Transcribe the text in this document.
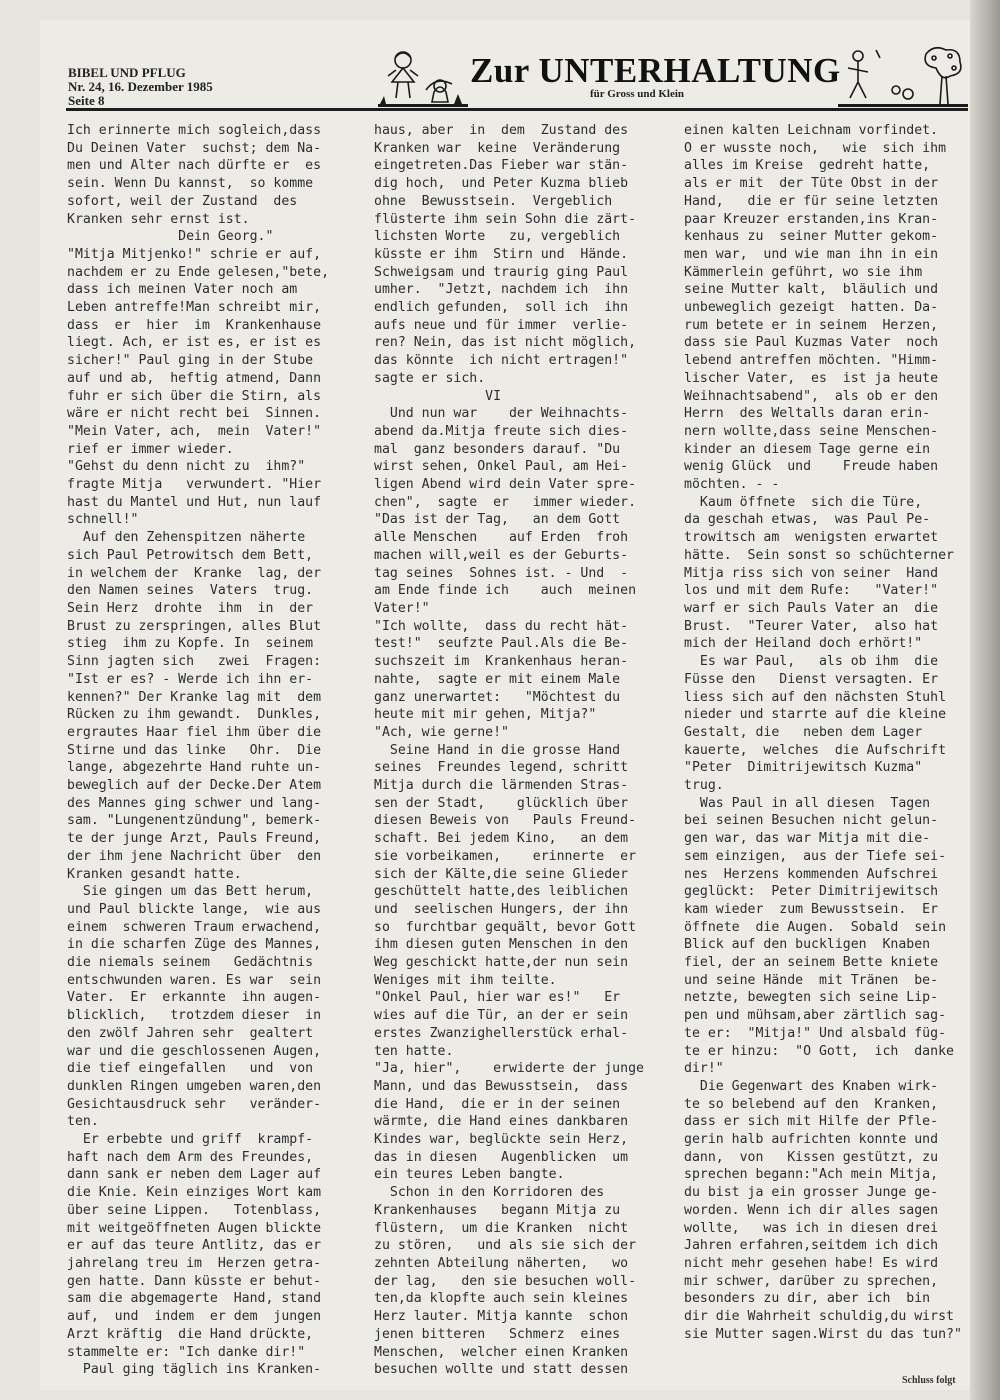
BIBEL UND PFLUG
Nr. 24, 16. Dezember 1985
Seite 8
Zur UNTERHALTUNG
für Gross und Klein

Ich erinnerte mich sogleich,dass

Du Deinen Vater  suchst; dem Na-

men und Alter nach dürfte er  es

sein. Wenn Du kannst,  so komme

sofort, weil der Zustand  des

Kranken sehr ernst ist.

Dein Georg."

"Mitja Mitjenko!" schrie er auf,

nachdem er zu Ende gelesen,"bete,

dass ich meinen Vater noch am

Leben antreffe!Man schreibt mir,

dass  er  hier  im  Krankenhause

liegt. Ach, er ist es, er ist es

sicher!" Paul ging in der Stube

auf und ab,  heftig atmend, Dann

fuhr er sich über die Stirn, als

wäre er nicht recht bei  Sinnen.

"Mein Vater, ach,  mein  Vater!"

rief er immer wieder.

"Gehst du denn nicht zu  ihm?"

fragte Mitja   verwundert. "Hier

hast du Mantel und Hut, nun lauf

schnell!"

Auf den Zehenspitzen näherte

sich Paul Petrowitsch dem Bett,

in welchem der  Kranke  lag, der

den Namen seines  Vaters  trug.

Sein Herz  drohte  ihm  in  der

Brust zu zerspringen, alles Blut

stieg  ihm zu Kopfe. In  seinem

Sinn jagten sich   zwei  Fragen:

"Ist er es? - Werde ich ihn er-

kennen?" Der Kranke lag mit  dem

Rücken zu ihm gewandt.  Dunkles,

ergrautes Haar fiel ihm über die

Stirne und das linke   Ohr.  Die

lange, abgezehrte Hand ruhte un-

beweglich auf der Decke.Der Atem

des Mannes ging schwer und lang-

sam. "Lungenentzündung", bemerk-

te der junge Arzt, Pauls Freund,

der ihm jene Nachricht über  den

Kranken gesandt hatte.

Sie gingen um das Bett herum,

und Paul blickte lange,  wie aus

einem  schweren Traum erwachend,

in die scharfen Züge des Mannes,

die niemals seinem   Gedächtnis

entschwunden waren. Es war  sein

Vater.  Er  erkannte  ihn augen-

blicklich,   trotzdem dieser  in

den zwölf Jahren sehr  gealtert

war und die geschlossenen Augen,

die tief eingefallen   und  von

dunklen Ringen umgeben waren,den

Gesichtausdruck sehr   veränder-

ten.

Er erbebte und griff  krampf-

haft nach dem Arm des Freundes,

dann sank er neben dem Lager auf

die Knie. Kein einziges Wort kam

über seine Lippen.   Totenblass,

mit weitgeöffneten Augen blickte

er auf das teure Antlitz, das er

jahrelang treu im  Herzen getra-

gen hatte. Dann küsste er behut-

sam die abgemagerte  Hand, stand

auf,  und  indem  er dem  jungen

Arzt kräftig  die Hand drückte,

stammelte er: "Ich danke dir!"

Paul ging täglich ins Kranken-

haus, aber  in  dem  Zustand des

Kranken war  keine  Veränderung

eingetreten.Das Fieber war stän-

dig hoch,  und Peter Kuzma blieb

ohne  Bewusstsein.  Vergeblich

flüsterte ihm sein Sohn die zärt-

lichsten Worte   zu, vergeblich

küsste er ihm  Stirn und  Hände.

Schweigsam und traurig ging Paul

umher.  "Jetzt, nachdem ich  ihn

endlich gefunden,  soll ich  ihn

aufs neue und für immer  verlie-

ren? Nein, das ist nicht möglich,

das könnte  ich nicht ertragen!"

sagte er sich.

VI

Und nun war    der Weihnachts-

abend da.Mitja freute sich dies-

mal  ganz besonders darauf. "Du

wirst sehen, Onkel Paul, am Hei-

ligen Abend wird dein Vater spre-

chen",  sagte  er   immer wieder.

"Das ist der Tag,   an dem Gott

alle Menschen    auf Erden  froh

machen will,weil es der Geburts-

tag seines  Sohnes ist. - Und  -

am Ende finde ich    auch  meinen

Vater!"

"Ich wollte,  dass du recht hät-

test!"  seufzte Paul.Als die Be-

suchszeit im  Krankenhaus heran-

nahte,  sagte er mit einem Male

ganz unerwartet:   "Möchtest du

heute mit mir gehen, Mitja?"

"Ach, wie gerne!"

Seine Hand in die grosse Hand

seines  Freundes legend, schritt

Mitja durch die lärmenden Stras-

sen der Stadt,    glücklich über

diesen Beweis von   Pauls Freund-

schaft. Bei jedem Kino,   an dem

sie vorbeikamen,    erinnerte  er

sich der Kälte,die seine Glieder

geschüttelt hatte,des leiblichen

und  seelischen Hungers, der ihn

so  furchtbar gequält, bevor Gott

ihm diesen guten Menschen in den

Weg geschickt hatte,der nun sein

Weniges mit ihm teilte.

"Onkel Paul, hier war es!"   Er

wies auf die Tür, an der er sein

erstes Zwanzighellerstück erhal-

ten hatte.

"Ja, hier",    erwiderte der junge

Mann, und das Bewusstsein,  dass

die Hand,  die er in der seinen

wärmte, die Hand eines dankbaren

Kindes war, beglückte sein Herz,

das in diesen   Augenblicken  um

ein teures Leben bangte.

Schon in den Korridoren des

Krankenhauses   begann Mitja zu

flüstern,  um die Kranken  nicht

zu stören,   und als sie sich der

zehnten Abteilung näherten,   wo

der lag,   den sie besuchen woll-

ten,da klopfte auch sein kleines

Herz lauter. Mitja kannte  schon

jenen bitteren   Schmerz  eines

Menschen,  welcher einen Kranken

besuchen wollte und statt dessen

einen kalten Leichnam vorfindet.

O er wusste noch,   wie  sich ihm

alles im Kreise  gedreht hatte,

als er mit  der Tüte Obst in der

Hand,   die er für seine letzten

paar Kreuzer erstanden,ins Kran-

kenhaus zu  seiner Mutter gekom-

men war,  und wie man ihn in ein

Kämmerlein geführt, wo sie ihm

seine Mutter kalt,  bläulich und

unbeweglich gezeigt  hatten. Da-

rum betete er in seinem  Herzen,

dass sie Paul Kuzmas Vater  noch

lebend antreffen möchten. "Himm-

lischer Vater,  es  ist ja heute

Weihnachtsabend",  als ob er den

Herrn  des Weltalls daran erin-

nern wollte,dass seine Menschen-

kinder an diesem Tage gerne ein

wenig Glück  und    Freude haben

möchten. - -

Kaum öffnete  sich die Türe,

da geschah etwas,  was Paul Pe-

trowitsch am  wenigsten erwartet

hätte.  Sein sonst so schüchterner

Mitja riss sich von seiner  Hand

los und mit dem Rufe:   "Vater!"

warf er sich Pauls Vater an  die

Brust.  "Teurer Vater,  also hat

mich der Heiland doch erhört!"

Es war Paul,   als ob ihm  die

Füsse den   Dienst versagten. Er

liess sich auf den nächsten Stuhl

nieder und starrte auf die kleine

Gestalt, die   neben dem Lager

kauerte,  welches  die Aufschrift

"Peter  Dimitrijewitsch Kuzma"

trug.

Was Paul in all diesen  Tagen

bei seinen Besuchen nicht gelun-

gen war, das war Mitja mit die-

sem einzigen,  aus der Tiefe sei-

nes  Herzens kommenden Aufschrei

geglückt:  Peter Dimitrijewitsch

kam wieder  zum Bewusstsein.  Er

öffnete  die Augen.  Sobald  sein

Blick auf den buckligen  Knaben

fiel, der an seinem Bette kniete

und seine Hände  mit Tränen  be-

netzte, bewegten sich seine Lip-

pen und mühsam,aber zärtlich sag-

te er:  "Mitja!" Und alsbald füg-

te er hinzu:  "O Gott,  ich  danke

dir!"

Die Gegenwart des Knaben wirk-

te so belebend auf den  Kranken,

dass er sich mit Hilfe der Pfle-

gerin halb aufrichten konnte und

dann,  von   Kissen gestützt, zu

sprechen begann:"Ach mein Mitja,

du bist ja ein grosser Junge ge-

worden. Wenn ich dir alles sagen

wollte,   was ich in diesen drei

Jahren erfahren,seitdem ich dich

nicht mehr gesehen habe! Es wird

mir schwer, darüber zu sprechen,

besonders zu dir, aber ich  bin

dir die Wahrheit schuldig,du wirst

sie Mutter sagen.Wirst du das tun?"

Schluss folgt
